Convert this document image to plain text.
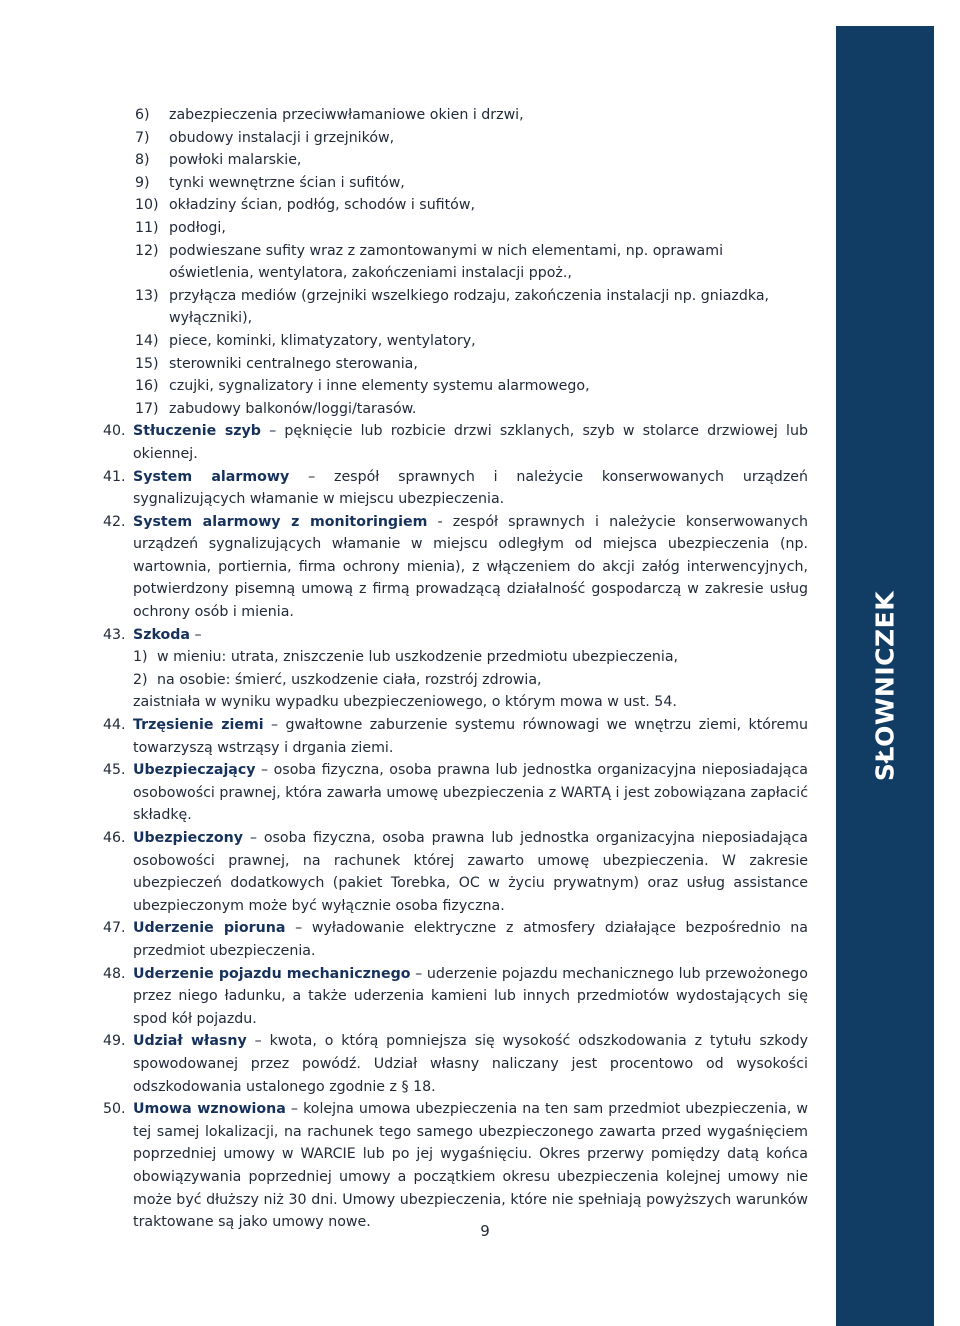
SŁOWNICZEK
6) zabezpieczenia przeciwwłamaniowe okien i drzwi,
7) obudowy instalacji i grzejników,
8) powłoki malarskie,
9) tynki wewnętrzne ścian i sufitów,
10) okładziny ścian, podłóg, schodów i sufitów,
11) podłogi,
12) podwieszane sufity wraz z zamontowanymi w nich elementami, np. oprawami oświetlenia, wentylatora, zakończeniami instalacji ppoż.,
13) przyłącza mediów (grzejniki wszelkiego rodzaju, zakończenia instalacji np. gniazdka, wyłączniki),
14) piece, kominki, klimatyzatory, wentylatory,
15) sterowniki centralnego sterowania,
16) czujki, sygnalizatory i inne elementy systemu alarmowego,
17) zabudowy balkonów/loggi/tarasów.
40. Stłuczenie szyb – pęknięcie lub rozbicie drzwi szklanych, szyb w stolarce drzwiowej lub okiennej.
41. System alarmowy – zespół sprawnych i należycie konserwowanych urządzeń sygnalizujących włamanie w miejscu ubezpieczenia.
42. System alarmowy z monitoringiem - zespół sprawnych i należycie konserwowanych urządzeń sygnalizujących włamanie w miejscu odległym od miejsca ubezpieczenia (np. wartownia, portiernia, firma ochrony mienia), z włączeniem do akcji załóg interwencyjnych, potwierdzony pisemną umową z firmą prowadzącą działalność gospodarczą w zakresie usług ochrony osób i mienia.
43. Szkoda –
1) w mieniu: utrata, zniszczenie lub uszkodzenie przedmiotu ubezpieczenia,
2) na osobie: śmierć, uszkodzenie ciała, rozstrój zdrowia,
zaistniała w wyniku wypadku ubezpieczeniowego, o którym mowa w ust. 54.
44. Trzęsienie ziemi – gwałtowne zaburzenie systemu równowagi we wnętrzu ziemi, któremu towarzyszą wstrząsy i drgania ziemi.
45. Ubezpieczający – osoba fizyczna, osoba prawna lub jednostka organizacyjna nieposiadająca osobowości prawnej, która zawarła umowę ubezpieczenia z WARTĄ i jest zobowiązana zapłacić składkę.
46. Ubezpieczony – osoba fizyczna, osoba prawna lub jednostka organizacyjna nieposiadająca osobowości prawnej, na rachunek której zawarto umowę ubezpieczenia. W zakresie ubezpieczeń dodatkowych (pakiet Torebka, OC w życiu prywatnym) oraz usług assistance ubezpieczonym może być wyłącznie osoba fizyczna.
47. Uderzenie pioruna – wyładowanie elektryczne z atmosfery działające bezpośrednio na przedmiot ubezpieczenia.
48. Uderzenie pojazdu mechanicznego – uderzenie pojazdu mechanicznego lub przewożonego przez niego ładunku, a także uderzenia kamieni lub innych przedmiotów wydostających się spod kół pojazdu.
49. Udział własny – kwota, o którą pomniejsza się wysokość odszkodowania z tytułu szkody spowodowanej przez powódź. Udział własny naliczany jest procentowo od wysokości odszkodowania ustalonego zgodnie z § 18.
50. Umowa wznowiona – kolejna umowa ubezpieczenia na ten sam przedmiot ubezpieczenia, w tej samej lokalizacji, na rachunek tego samego ubezpieczonego zawarta przed wygaśnięciem poprzedniej umowy w WARCIE lub po jej wygaśnięciu. Okres przerwy pomiędzy datą końca obowiązywania poprzedniej umowy a początkiem okresu ubezpieczenia kolejnej umowy nie może być dłuższy niż 30 dni. Umowy ubezpieczenia, które nie spełniają powyższych warunków traktowane są jako umowy nowe.	9
